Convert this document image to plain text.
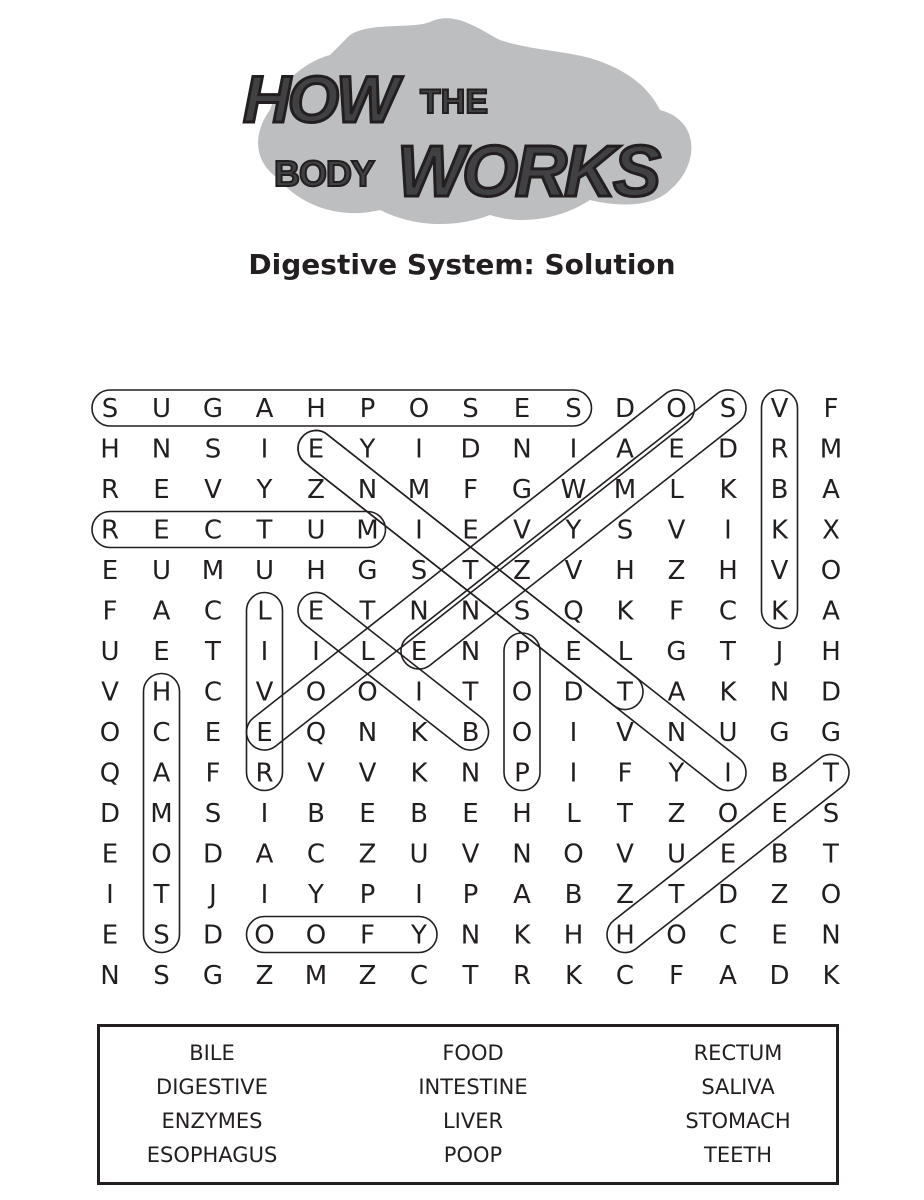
HOW THE
BODY WORKS
Digestive System: Solution
S U G A H P O S E S D O S V F
H N S I E Y I D N I A E D R M
R E V Y Z N M F G W M L K B A
R E C T U M I E V Y S V I K X
E U M U H G S T Z V H Z H V O
F A C L E T N N S Q K F C K A
U E T I I L E N P E L G T J H
V H C V O O I T O D T A K N D
O C E E Q N K B O I V N U G G
Q A F R V V K N P I F Y I B T
D M S I B E B E H L T Z O E S
E O D A C Z U V N O V U E B T
I T J I Y P I P A B Z T D Z O
E S D O O F Y N K H H O C E N
N S G Z M Z C T R K C F A D K
BILE
DIGESTIVE
ENZYMES
ESOPHAGUS
FOOD
INTESTINE
LIVER
POOP
RECTUM
SALIVA
STOMACH
TEETH
